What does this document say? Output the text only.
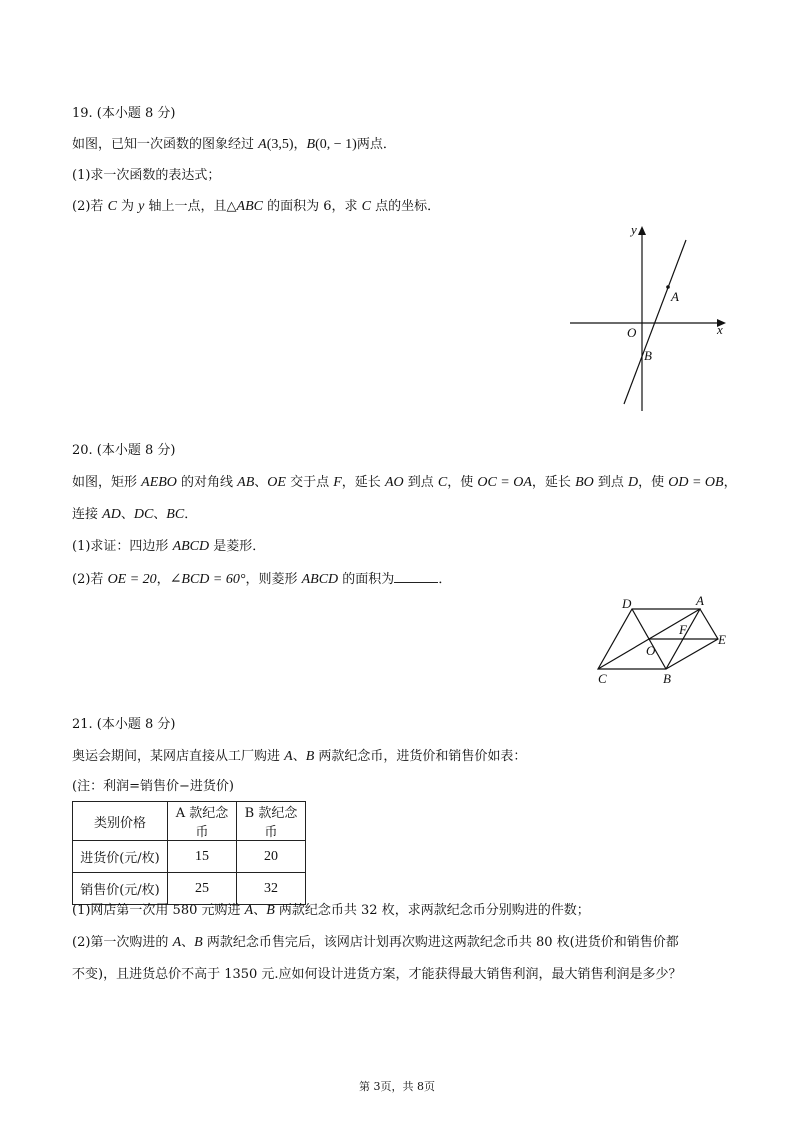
19. (本小题 8 分)
如图，已知一次函数的图象经过 A(3,5)，B(0, − 1)两点．
(1)求一次函数的表达式；
(2)若 C 为 y 轴上一点，且△ABC 的面积为 6，求 C 点的坐标．
y
x
O
A
B
20. (本小题 8 分)
如图，矩形 AEBO 的对角线 AB、OE 交于点 F，延长 AO 到点 C，使 OC = OA，延长 BO 到点 D，使 OD = OB，
连接 AD、DC、BC．
(1)求证：四边形 ABCD 是菱形．
(2)若 OE = 20，∠BCD = 60°，则菱形 ABCD 的面积为	．
D	A
F
E
O
C	B
21. (本小题 8 分)
奥运会期间，某网店直接从工厂购进 A、B 两款纪念币，进货价和销售价如表：
(注：利润=销售价−进货价)
类别价格	A 款纪念币	B 款纪念币
进货价(元/枚)	15	20
销售价(元/枚)	25	32
(1)网店第一次用 580 元购进 A、B 两款纪念币共 32 枚，求两款纪念币分别购进的件数；
(2)第一次购进的 A、B 两款纪念币售完后，该网店计划再次购进这两款纪念币共 80 枚(进货价和销售价都
不变)，且进货总价不高于 1350 元.应如何设计进货方案，才能获得最大销售利润，最大销售利润是多少？
第 3页，共 8页
